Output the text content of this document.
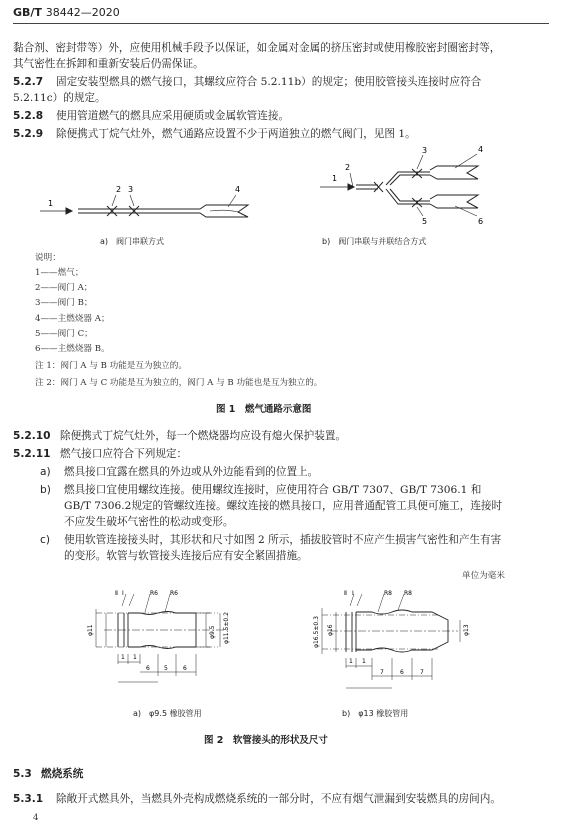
GB/T 38442—2020
黏合剂、密封带等）外，应使用机械手段予以保证，如金属对金属的挤压密封或使用橡胶密封圈密封等，
其气密性在拆卸和重新安装后仍需保证。
5.2.7 固定安装型燃具的燃气接口，其螺纹应符合 5.2.11b）的规定；使用胶管接头连接时应符合
5.2.11c）的规定。
5.2.8 使用管道燃气的燃具应采用硬质或金属软管连接。
5.2.9 除便携式丁烷气灶外，燃气通路应设置不少于两道独立的燃气阀门，见图 1。
1
2 3	4
1
2
3	4
5	6
a)　阀门串联方式	b)　阀门串联与并联结合方式
说明：
1——燃气；
2——阀门 A；
3——阀门 B；
4——主燃烧器 A；
5——阀门 C；
6——主燃烧器 B。
注 1：阀门 A 与 B 功能是互为独立的。
注 2：阀门 A 与 C 功能是互为独立的，阀门 A 与 B 功能也是互为独立的。
图 1　燃气通路示意图
5.2.10 除便携式丁烷气灶外，每一个燃烧器均应设有熄火保护装置。
5.2.11 燃气接口应符合下列规定：
a) 燃具接口宜露在燃具的外边或从外边能看到的位置上。
b) 燃具接口宜使用螺纹连接。使用螺纹连接时，应使用符合 GB/T 7307、GB/T 7306.1 和
GB/T 7306.2规定的管螺纹连接。螺纹连接的燃具接口，应用普通配管工具便可施工，连接时
不应发生破坏气密性的松动或变形。
c) 使用软管连接接头时，其形状和尺寸如图 2 所示，插拔胶管时不应产生损害气密性和产生有害
的变形。软管与软管接头连接后应有安全紧固措施。
单位为毫米
Ⅱ Ⅰ	R6 R6
φ11	φ9.5 φ11.5±0.2
1 1
6 5	6
Ⅱ Ⅰ	R8 R8
φ16.5±0.3 φ16	φ13
1 1
7	6	7
a)　 φ9.5 橡胶管用	b)　 φ13 橡胶管用
图 2　软管接头的形状及尺寸
5.3 燃烧系统
5.3.1 除敞开式燃具外，当燃具外壳构成燃烧系统的一部分时，不应有烟气泄漏到安装燃具的房间内。
4
